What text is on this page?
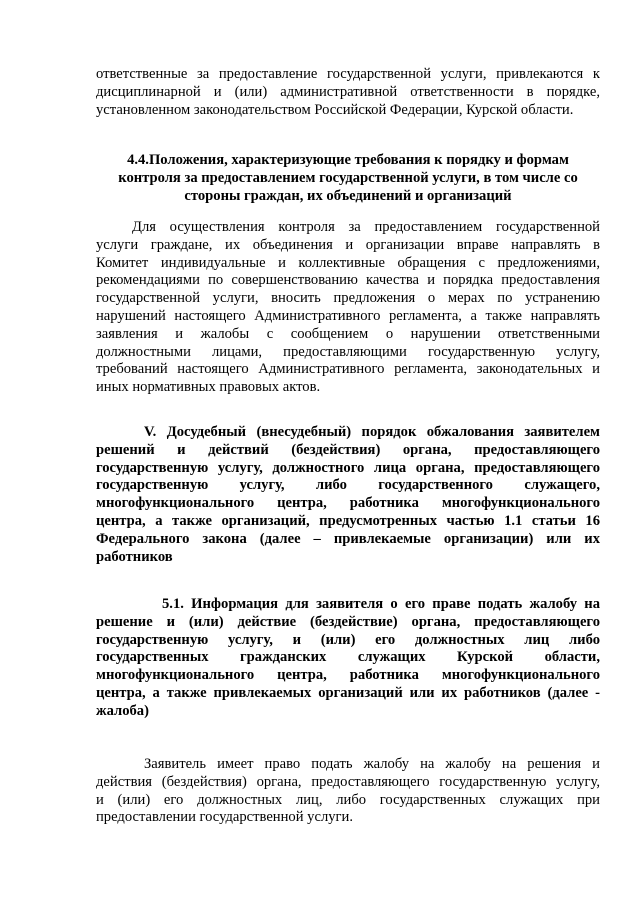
ответственные за предоставление государственной услуги, привлекаются к
дисциплинарной и (или) административной ответственности в порядке,
установленном законодательством Российской Федерации, Курской области.
4.4.Положения, характеризующие требования к порядку и формам
контроля за предоставлением государственной услуги, в том числе со
стороны граждан, их объединений и организаций
Для осуществления контроля за предоставлением государственной
услуги граждане, их объединения и организации вправе направлять в
Комитет индивидуальные и коллективные обращения с предложениями,
рекомендациями по совершенствованию качества и порядка предоставления
государственной услуги, вносить предложения о мерах по устранению
нарушений настоящего Административного регламента, а также направлять
заявления и жалобы с сообщением о нарушении ответственными
должностными лицами, предоставляющими государственную услугу,
требований настоящего Административного регламента, законодательных и
иных нормативных правовых актов.
V. Досудебный (внесудебный) порядок обжалования заявителем
решений и действий (бездействия) органа, предоставляющего
государственную услугу, должностного лица органа, предоставляющего
государственную услугу, либо государственного служащего,
многофункционального центра, работника многофункционального
центра, а также организаций, предусмотренных частью 1.1 статьи 16
Федерального закона (далее – привлекаемые организации) или их
работников
5.1. Информация для заявителя о его праве подать жалобу на
решение и (или) действие (бездействие) органа, предоставляющего
государственную услугу, и (или) его должностных лиц либо
государственных гражданских служащих Курской области,
многофункционального центра, работника многофункционального
центра, а также привлекаемых организаций или их работников (далее -
жалоба)
Заявитель имеет право подать жалобу на жалобу на решения и
действия (бездействия) органа, предоставляющего государственную услугу,
и (или) его должностных лиц, либо государственных служащих при
предоставлении государственной услуги.
